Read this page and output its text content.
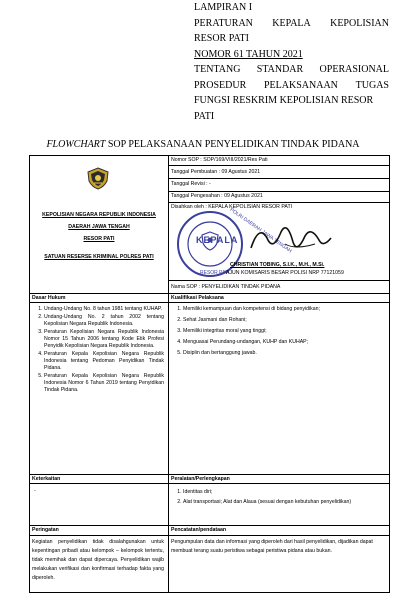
LAMPIRAN I
PERATURAN KEPALA KEPOLISIAN
RESOR PATI
NOMOR 61 TAHUN 2021
TENTANG STANDAR OPERASIONAL
PROSEDUR PELAKSANAAN TUGAS
FUNGSI RESKRIM KEPOLISIAN RESOR
PATI
FLOWCHART SOP PELAKSANAAN PENYELIDIKAN TINDAK PIDANA
KEPOLISIAN NEGARA REPUBLIK INDONESIA
DAERAH JAWA TENGAH
RESOR PATI
SATUAN RESERSE KRIMINAL POLRES PATI
Nomor SOP : SOP/169/VIII/2021/Res Pati
Tanggal Pembuatan : 09 Agustus 2021
Tanggal Revisi : -
Tanggal Pengesahan : 09 Agustus 2021
Disahkan oleh : KEPALA KEPOLISIAN RESOR PATI
KEPALA
RESOR PATI
POLRI DAERAH JAWA TENGAH
CHRISTIAN TOBING, S.I.K., M.H., M.Si.
AJUN KOMISARIS BESAR POLISI NRP 77121059
Nama SOP : PENYELIDIKAN TINDAK PIDANA
Dasar Hukum	Kualifikasi Pelaksana
1. Undang-Undang No. 8 tahun 1981 tentang KUHAP.
2. Undang-Undang No. 2 tahun 2002 tentang Kepolisian Negara Republik Indonesia.
3. Peraturan Kepolisian Negara Republik Indonesia Nomor 15 Tahun 2006 tentang Kode Etik Profesi Penyidik Kepolisian Negara Republik Indonesia.
4. Peraturan Kepala Kepolisian Negara Republik Indonesia tentang Pedoman Penyidikan Tindak Pidana.
5. Peraturan Kepala Kepolisian Negara Republik Indonesia Nomor 6 Tahun 2019 tentang Penyidikan Tindak Pidana.
1. Memiliki kemampuan dan kompetensi di bidang penyidikan;
2. Sehat Jasmani dan Rohani;
3. Memiliki integritas moral yang tinggi;
4. Menguasai Perundang-undangan, KUHP dan KUHAP;
5. Disiplin dan bertanggung jawab.
Keterkaitan	Peralatan/Perlengkapan
-
1.	Identitas diri;
2. Alat transportasi; Alat dan Alaua (sesuai dengan kebutuhan penyelidikan)
Peringatan	Pencatatan/pendataan
Kegiatan penyelidikan tidak disalahgunakan untuk kepentingan pribadi atau kelompok – kelompok tertentu, tidak memihak dan dapat dipercaya. Penyelidikan wajib melakukan verifikasi dan konfirmasi terhadap fakta yang diperoleh.
Pengumpulan data dan informasi yang diperoleh dari hasil penyelidikan, dijadikan dapat membuat terang suatu peristiwa sebagai peristiwa pidana atau bukan.
